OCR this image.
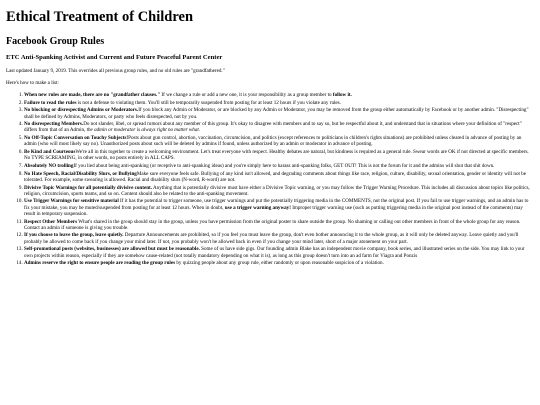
Ethical Treatment of Children
Facebook Group Rules
ETC Anti-Spanking Activist and Current and Future Peaceful Parent Center

Last updated January 9, 2019. This overrides all previous group rules, and no old rules are "grandfathered."

Here's how to make a list:

1. When new rules are made, there are no "grandfather clauses." If we change a rule or add a new one, it is your responsibility as a group member to follow it.
2. Failure to read the rules is not a defense to violating them. You'll still be temporarily suspended from posting for at least 12 hours if you violate any rules.
3. No blocking or disrespecting Admins or Moderators.If you block any Admin or Moderator, or are blocked by any Admin or Moderator, you may be removed from the group either automatically by Facebook or by another admin. "Disrespecting" shall be defined by Admins, Moderators, or party who feels disrespected, not by you.
4. No disrespecting Members.Do not slander, libel, or spread rumors about any member of this group. It's okay to disagree with members and to say so, but be respectful about it, and understand that in situations where your definition of "respect" differs from that of an Admin, the admin or moderator is always right no matter what.
5. No Off-Topic Conversation on Touchy Subjects!Posts about gun control, abortion, vaccination, circumcision, and politics (except references to politicians in children's rights situations) are prohibited unless cleared in advance of posting by an admin (who will most likely say no). Unauthorized posts about such will be deleted by admins if found, unless authorized by an admin or moderator in advance of posting.
6. Be Kind and CourteousWe're all in this together to create a welcoming environment. Let's treat everyone with respect. Healthy debates are natural, but kindness is required as a general rule. Swear words are OK if not directed at specific members. No TYPE SCREAMING, in other words, no posts entirely in ALL CAPS.
7. Absolutely NO trollingIf you lied about being anti-spanking (or receptive to anti-spanking ideas) and you're simply here to harass anti-spanking folks, GET OUT! This is not the forum for it and the admins will shut that shit down.
8. No Hate Speech, Racial/Disability Slurs, or BullyingMake sure everyone feels safe. Bullying of any kind isn't allowed, and degrading comments about things like race, religion, culture, disability, sexual orientation, gender or identity will not be tolerated. For example, some swearing is allowed. Racial and disability slurs (N-word, R-word) are not.
9. Divisive Topic Warnings for all potentially divisive content. Anything that is potentially divisive must have either a Divisive Topic warning, or you may follow the Trigger Warning Procedure. This includes all discussion about topics like politics, religion, circumcision, sports teams, and so on. Content should also be related to the anti-spanking movement.
10. Use Trigger Warnings for sensitive material If it has the potential to trigger someone, use trigger warnings and put the potentially triggering media in the COMMENTS, not the original post. If you fail to use trigger warnings, and an admin has to fix your mistake, you may be muted/suspended from posting for at least 12 hours. When in doubt, use a trigger warning anyway! Improper trigger warning use (such as putting triggering media in the original post instead of the comments) may result in temporary suspension.
11. Respect Other Members What's shared in the group should stay in the group, unless you have permission from the original poster to share outside the group. No shaming or calling out other members in front of the whole group for any reason. Contact an admin if someone is giving you trouble.
12. If you choose to leave the group, leave quietly. Departure Announcements are prohibited, so if you feel you must leave the group, don't even bother announcing it to the whole group, as it will only be deleted anyway. Leave quietly and you'll probably be allowed to come back if you change your mind later. If not, you probably won't be allowed back in even if you change your mind later, short of a major atonement on your part.
13. Self-promotional posts (websites, businesses) are allowed but must be reasonable. Some of us have side gigs. Our founding admin Blake has an independent movie company, book series, and illustrated series on the side. You may link to your own projects within reason, especially if they are somehow cause-related (not totally mandatory depending on what it is), as long as this group doesn't turn into an ad farm for Viagra and Ponzis
14. Admins reserve the right to ensure people are reading the group rules by quizzing people about any group rule, either randomly or upon reasonable suspicion of a violation.
